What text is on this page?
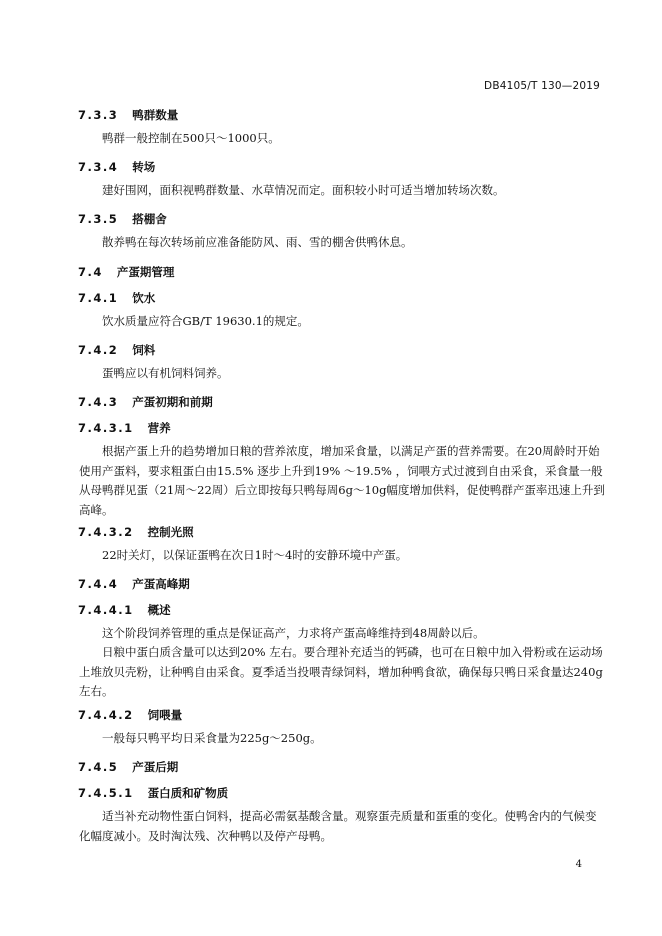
DB4105/T 130—2019
7.3.3 鸭群数量

鸭群一般控制在500只～1000只。

7.3.4 转场

建好围网，面积视鸭群数量、水草情况而定。面积较小时可适当增加转场次数。

7.3.5 搭棚舍

散养鸭在每次转场前应准备能防风、雨、雪的棚舍供鸭休息。

7.4 产蛋期管理
7.4.1 饮水

饮水质量应符合GB/T 19630.1的规定。

7.4.2 饲料

蛋鸭应以有机饲料饲养。

7.4.3 产蛋初期和前期
7.4.3.1 营养

根据产蛋上升的趋势增加日粮的营养浓度，增加采食量，以满足产蛋的营养需要。在20周龄时开始使用产蛋料，要求粗蛋白由15.5% 逐步上升到19% ～19.5% ，饲喂方式过渡到自由采食，采食量一般从母鸭群见蛋（21周～22周）后立即按每只鸭每周6g～10g幅度增加供料，促使鸭群产蛋率迅速上升到高峰。

7.4.3.2 控制光照

22时关灯，以保证蛋鸭在次日1时～4时的安静环境中产蛋。

7.4.4 产蛋高峰期
7.4.4.1 概述

这个阶段饲养管理的重点是保证高产，力求将产蛋高峰维持到48周龄以后。

日粮中蛋白质含量可以达到20% 左右。要合理补充适当的钙磷，也可在日粮中加入骨粉或在运动场上堆放贝壳粉，让种鸭自由采食。夏季适当投喂青绿饲料，增加种鸭食欲，确保每只鸭日采食量达240g左右。

7.4.4.2 饲喂量

一般每只鸭平均日采食量为225g～250g。

7.4.5 产蛋后期
7.4.5.1 蛋白质和矿物质

适当补充动物性蛋白饲料，提高必需氨基酸含量。观察蛋壳质量和蛋重的变化。使鸭舍内的气候变化幅度减小。及时淘汰残、次种鸭以及停产母鸭。

4
